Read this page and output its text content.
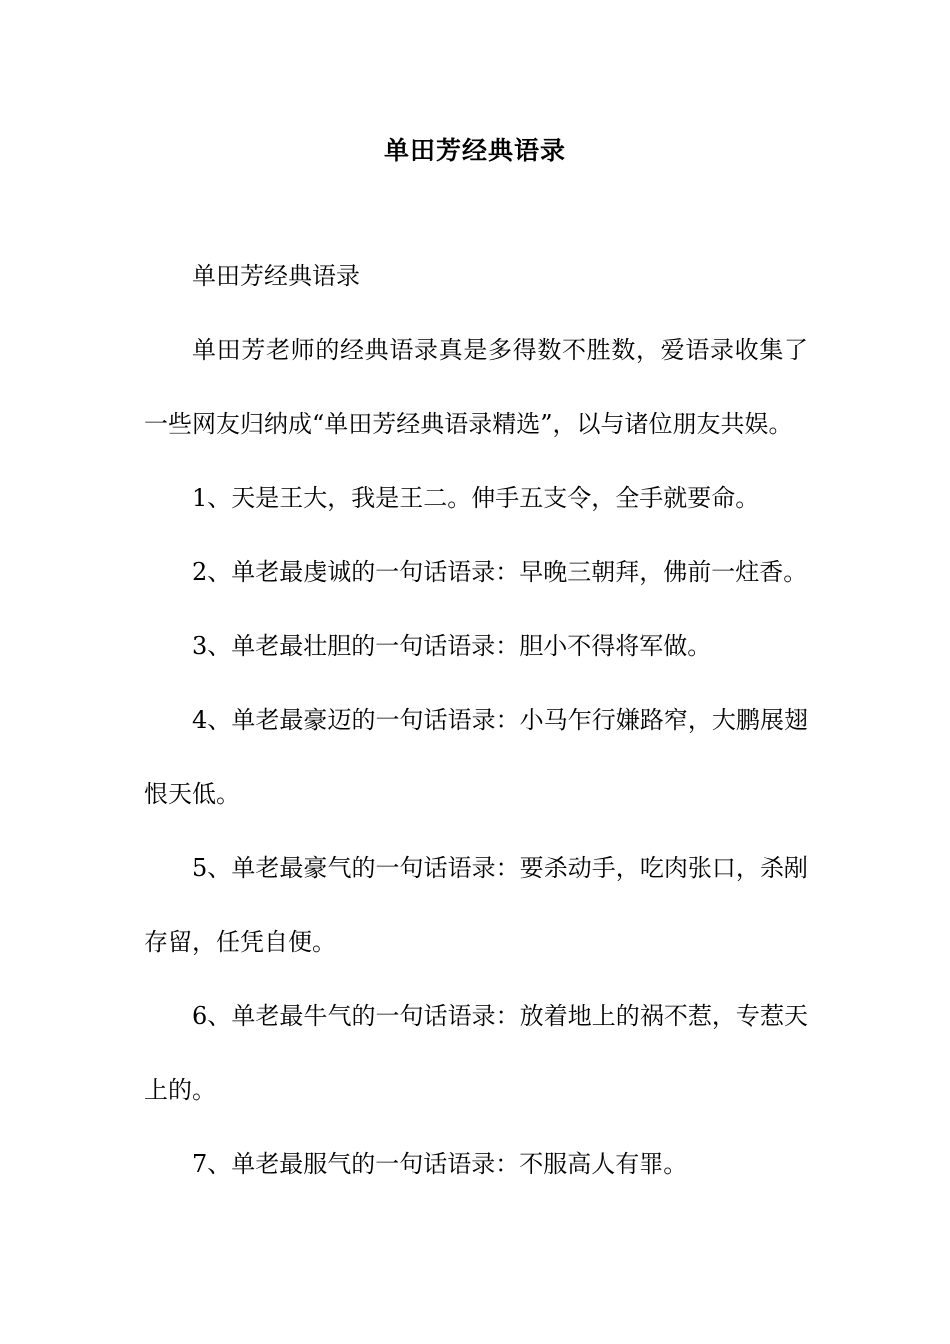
单田芳经典语录

单田芳经典语录

单田芳老师的经典语录真是多得数不胜数，爱语录收集了一些网友归纳成“单田芳经典语录精选”，以与诸位朋友共娱。

1、天是王大，我是王二。伸手五支令，全手就要命。

2、单老最虔诚的一句话语录：早晚三朝拜，佛前一炷香。

3、单老最壮胆的一句话语录：胆小不得将军做。

4、单老最豪迈的一句话语录：小马乍行嫌路窄，大鹏展翅恨天低。

5、单老最豪气的一句话语录：要杀动手，吃肉张口，杀剐存留，任凭自便。

6、单老最牛气的一句话语录：放着地上的祸不惹，专惹天上的。

7、单老最服气的一句话语录：不服高人有罪。
